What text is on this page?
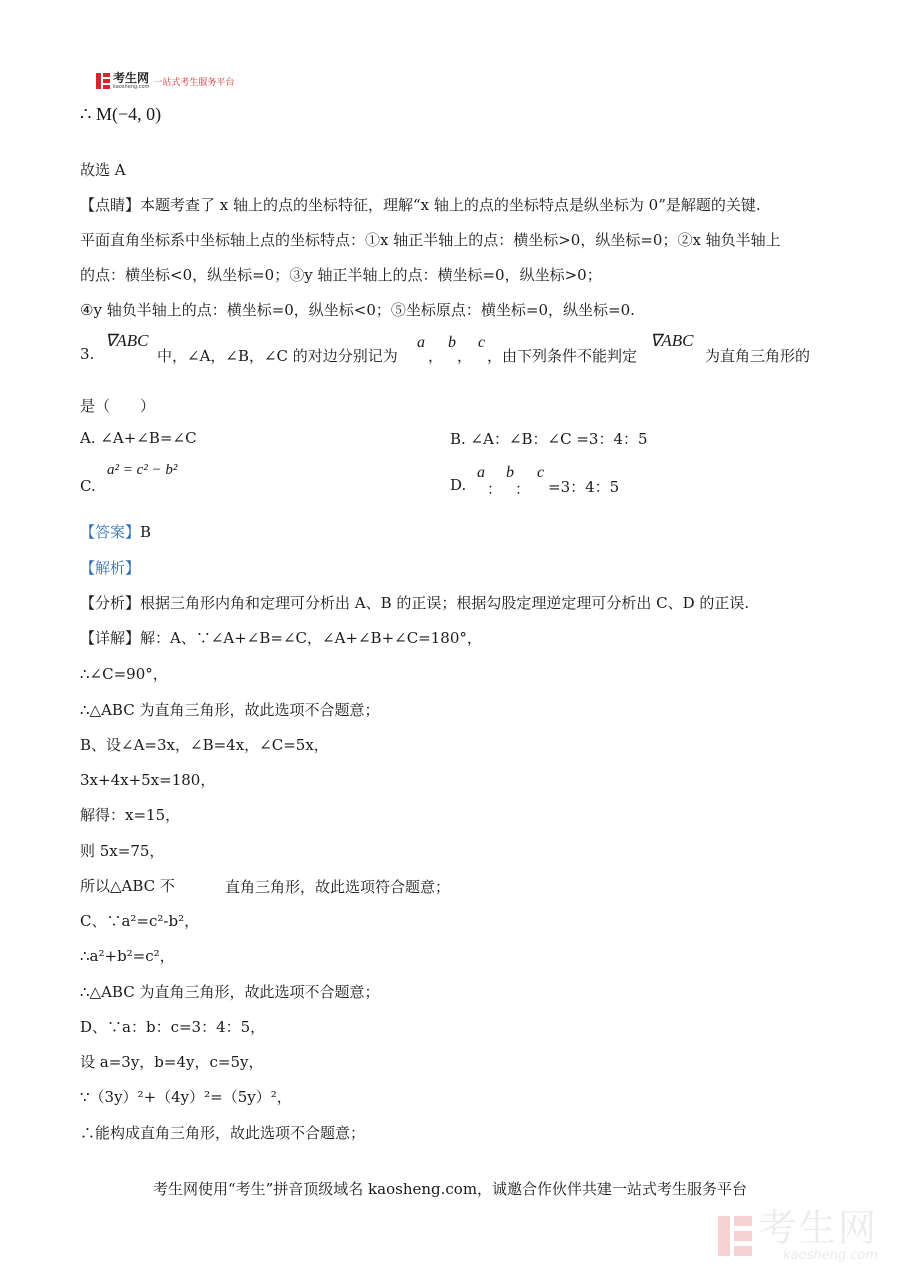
考生网
kaosheng.com 一站式考生服务平台
∴ M(−4, 0)
故选 A
【点睛】本题考查了 x 轴上的点的坐标特征，理解“x 轴上的点的坐标特点是纵坐标为 0”是解题的关键.
平面直角坐标系中坐标轴上点的坐标特点：①x 轴正半轴上的点：横坐标>0，纵坐标=0；②x 轴负半轴上
的点：横坐标<0，纵坐标=0；③y 轴正半轴上的点：横坐标=0，纵坐标>0；
④y 轴负半轴上的点：横坐标=0，纵坐标<0；⑤坐标原点：横坐标=0，纵坐标=0.
3.
∇ABC
中，∠A，∠B，∠C 的对边分别记为
a
，
b
，
c
，由下列条件不能判定
∇ABC
为直角三角形的
是（　　）
A. ∠A+∠B=∠C	B. ∠A：∠B：∠C =3：4：5
C.
a² = c² − b²
D.
a
：
b
：
c
=3：4：5
【答案】B
【解析】
【分析】根据三角形内角和定理可分析出 A、B 的正误；根据勾股定理逆定理可分析出 C、D 的正误.
【详解】解：A、∵∠A+∠B=∠C，∠A+∠B+∠C=180°，
∴∠C=90°，
∴△ABC 为直角三角形，故此选项不合题意；
B、设∠A=3x，∠B=4x，∠C=5x，
3x+4x+5x=180，
解得：x=15，
则 5x=75，
所以△ABC 不	直角三角形，故此选项符合题意；
C、∵a²=c²-b²，
∴a²+b²=c²，
∴△ABC 为直角三角形，故此选项不合题意；
D、∵a：b：c=3：4：5，
设 a=3y，b=4y，c=5y，
∵（3y）²+（4y）²=（5y）²，
∴能构成直角三角形，故此选项不合题意；
考生网使用“考生”拼音顶级域名 kaosheng.com，诚邀合作伙伴共建一站式考生服务平台
考生网
kaosheng.com
